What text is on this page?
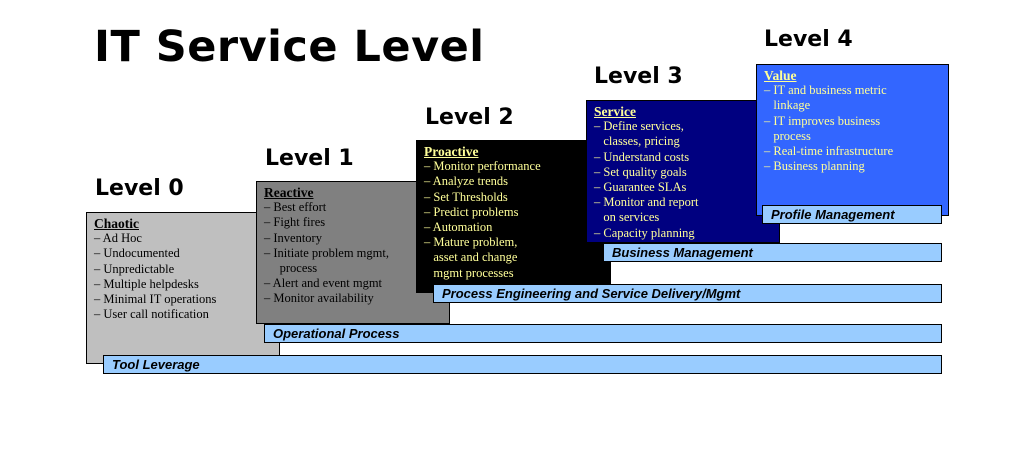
IT Service Level
Level 0
Level 1
Level 2
Level 3
Level 4
Chaotic
– Ad Hoc
– Undocumented
– Unpredictable
– Multiple helpdesks
– Minimal IT operations
– User call notification
Reactive
– Best effort
– Fight fires
– Inventory
– Initiate problem mgmt,
process
– Alert and event mgmt
– Monitor availability
Proactive
– Monitor performance
– Analyze trends
– Set Thresholds
– Predict problems
– Automation
– Mature problem,
asset and change
mgmt processes
Service
– Define services,
classes, pricing
– Understand costs
– Set quality goals
– Guarantee SLAs
– Monitor and report
on services
– Capacity planning
Value
– IT and business metric
linkage
– IT improves business
process
– Real-time infrastructure
– Business planning
Profile Management
Business Management
Process Engineering and Service Delivery/Mgmt
Operational Process
Tool Leverage
